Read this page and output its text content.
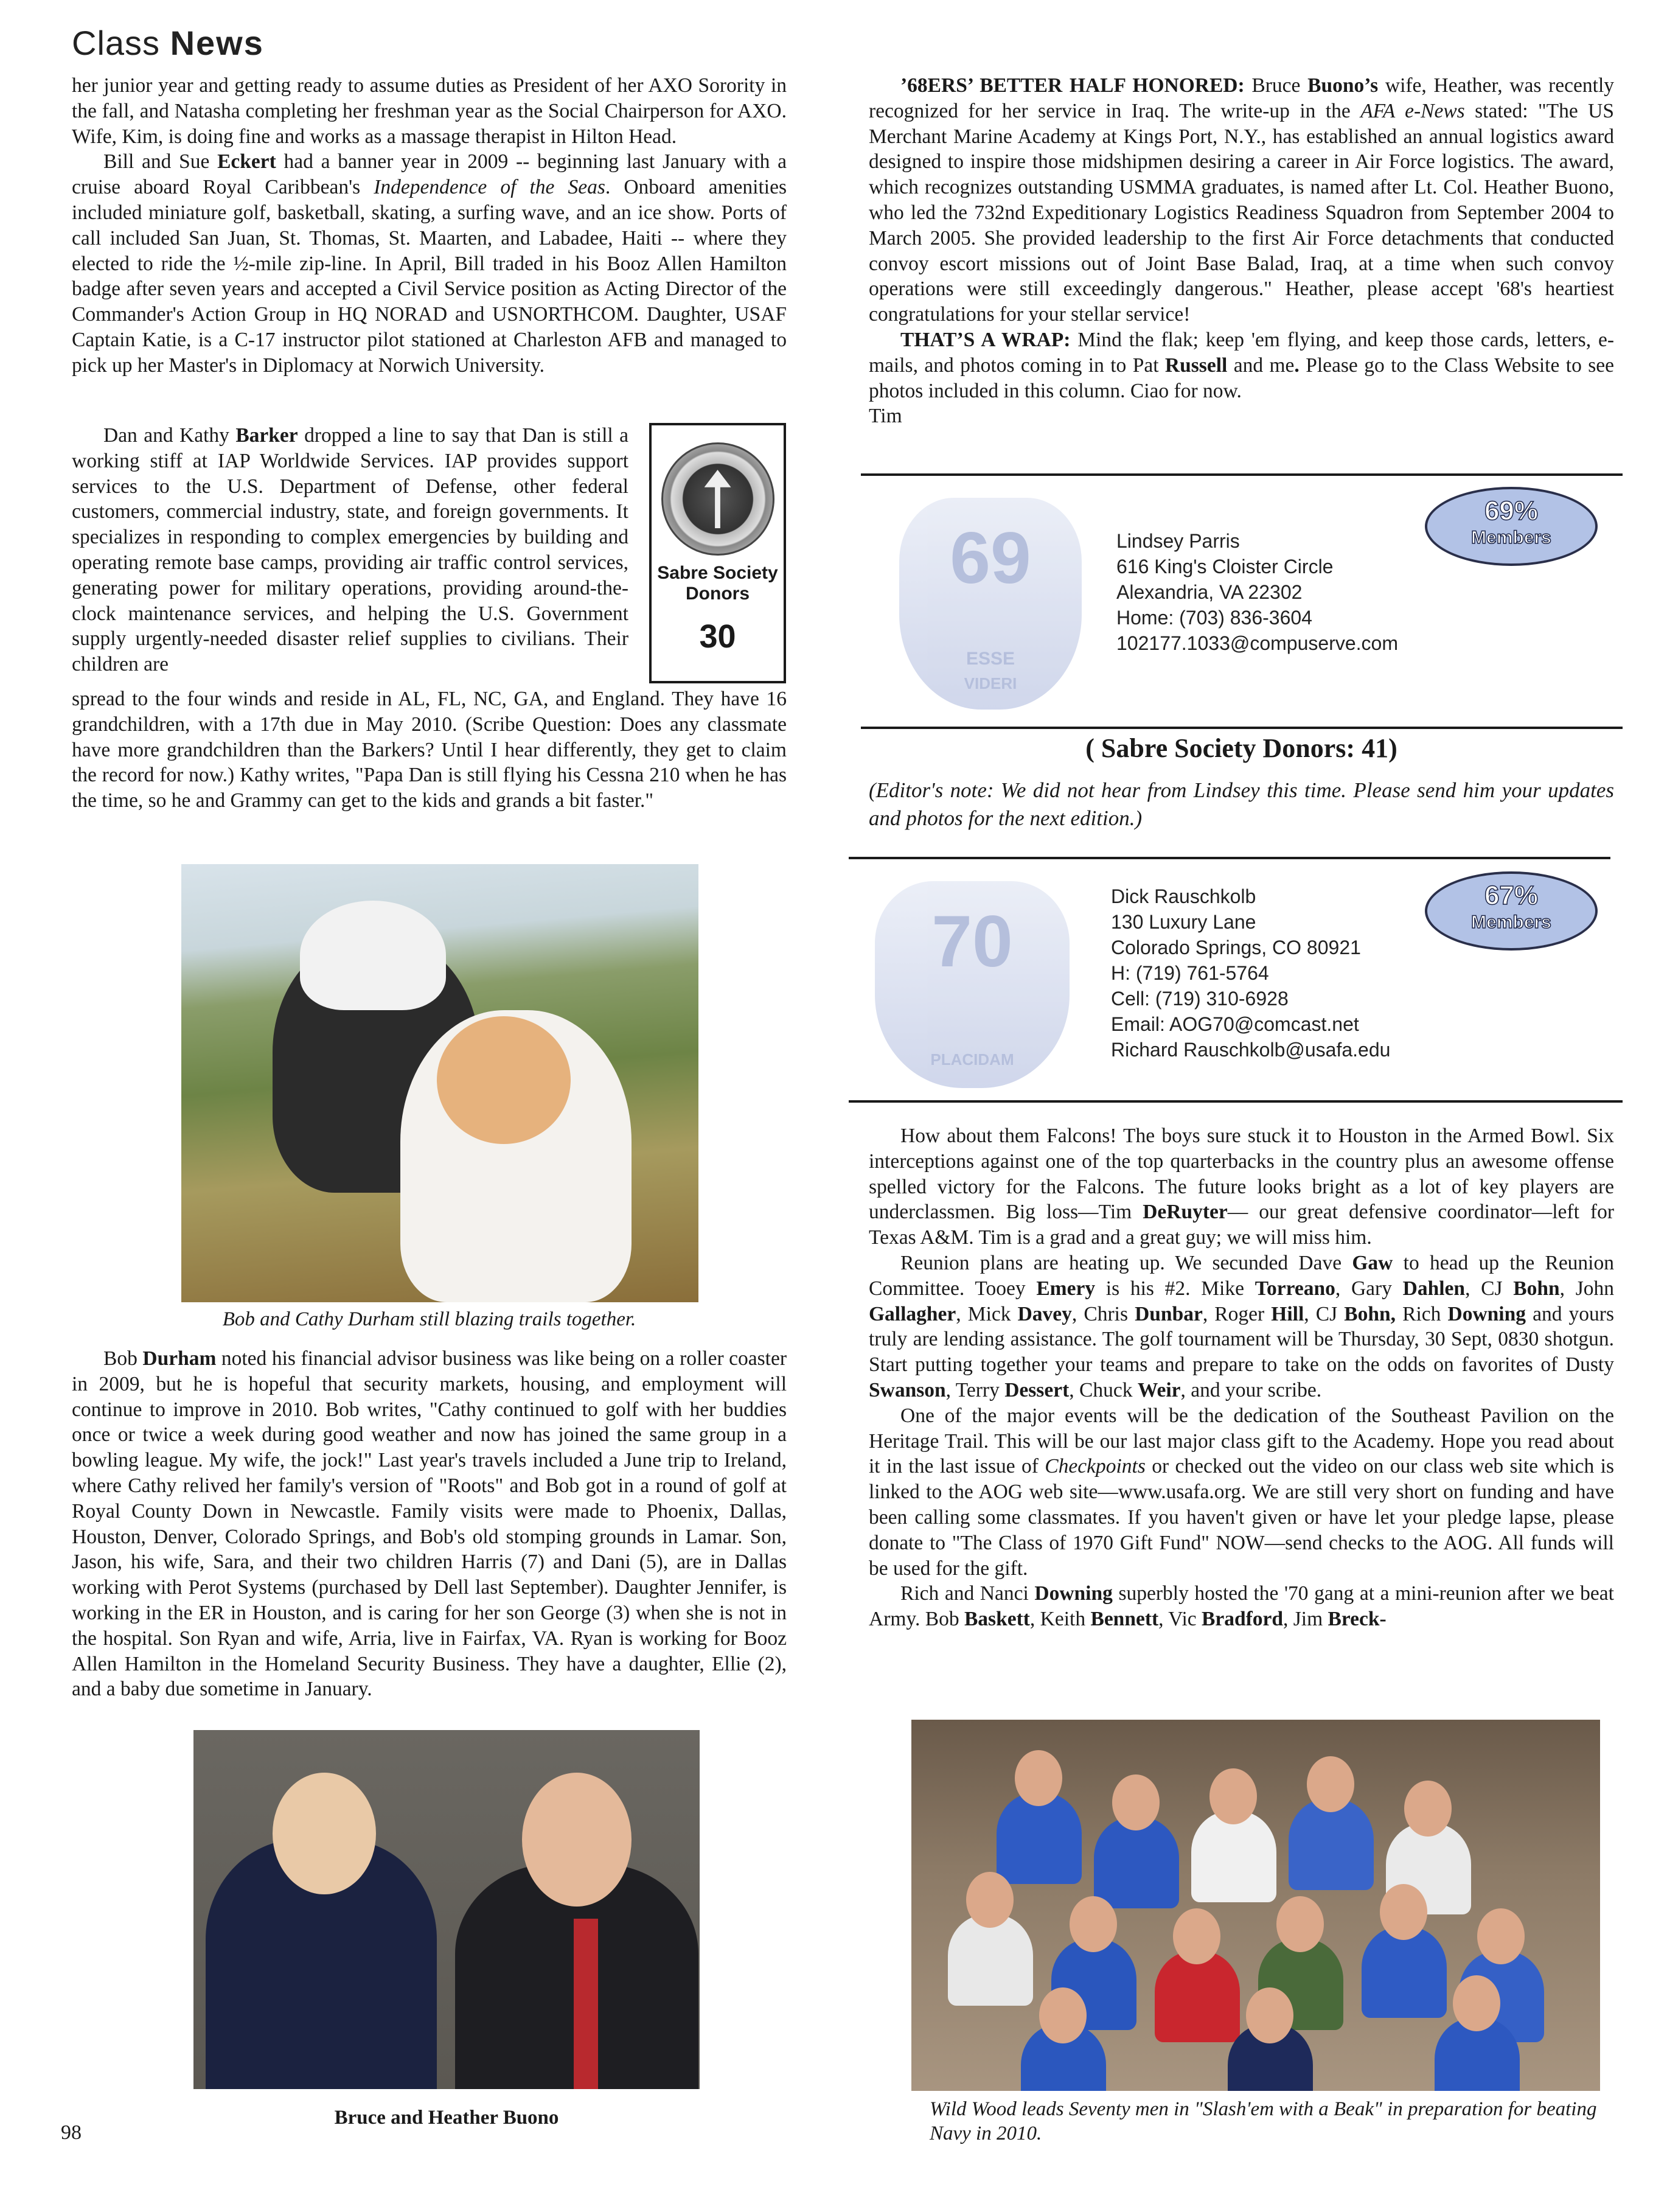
Class News

her junior year and getting ready to assume duties as President of her AXO Sorority in the fall, and Natasha completing her freshman year as the Social Chairperson for AXO. Wife, Kim, is doing fine and works as a massage therapist in Hilton Head.

Bill and Sue Eckert had a banner year in 2009 -- beginning last January with a cruise aboard Royal Caribbean's Independence of the Seas. Onboard amenities included miniature golf, basketball, skating, a surfing wave, and an ice show. Ports of call included San Juan, St. Thomas, St. Maarten, and Labadee, Haiti -- where they elected to ride the ½-mile zip-line. In April, Bill traded in his Booz Allen Hamilton badge after seven years and accepted a Civil Service position as Acting Director of the Commander's Action Group in HQ NORAD and USNORTHCOM. Daughter, USAF Captain Katie, is a C-17 instructor pilot stationed at Charleston AFB and managed to pick up her Master's in Diplomacy at Norwich University.

Dan and Kathy Barker dropped a line to say that Dan is still a working stiff at IAP Worldwide Services. IAP provides support services to the U.S. Department of Defense, other federal customers, commercial industry, state, and foreign governments. It specializes in responding to complex emergencies by building and operating remote base camps, providing air traffic control services, generating power for military operations, providing around-the-clock maintenance services, and helping the U.S. Government supply urgently-needed disaster relief supplies to civilians. Their children are

Sabre Society
Donors
30

spread to the four winds and reside in AL, FL, NC, GA, and England. They have 16 grandchildren, with a 17th due in May 2010. (Scribe Question: Does any classmate have more grandchildren than the Barkers? Until I hear differently, they get to claim the record for now.) Kathy writes, "Papa Dan is still flying his Cessna 210 when he has the time, so he and Grammy can get to the kids and grands a bit faster."

Bob and Cathy Durham still blazing trails together.

Bob Durham noted his financial advisor business was like being on a roller coaster in 2009, but he is hopeful that security markets, housing, and employment will continue to improve in 2010. Bob writes, "Cathy continued to golf with her buddies once or twice a week during good weather and now has joined the same group in a bowling league. My wife, the jock!" Last year's travels included a June trip to Ireland, where Cathy relived her family's version of "Roots" and Bob got in a round of golf at Royal County Down in Newcastle. Family visits were made to Phoenix, Dallas, Houston, Denver, Colorado Springs, and Bob's old stomping grounds in Lamar. Son, Jason, his wife, Sara, and their two children Harris (7) and Dani (5), are in Dallas working with Perot Systems (purchased by Dell last September). Daughter Jennifer, is working in the ER in Houston, and is caring for her son George (3) when she is not in the hospital. Son Ryan and wife, Arria, live in Fairfax, VA. Ryan is working for Booz Allen Hamilton in the Homeland Security Business. They have a daughter, Ellie (2), and a baby due sometime in January.

Bruce and Heather Buono
98

’68ERS’ BETTER HALF HONORED: Bruce Buono’s wife, Heather, was recently recognized for her service in Iraq. The write-up in the AFA e-News stated: "The US Merchant Marine Academy at Kings Port, N.Y., has established an annual logistics award designed to inspire those midshipmen desiring a career in Air Force logistics. The award, which recognizes outstanding USMMA graduates, is named after Lt. Col. Heather Buono, who led the 732nd Expeditionary Logistics Readiness Squadron from September 2004 to March 2005. She provided leadership to the first Air Force detachments that conducted convoy escort missions out of Joint Base Balad, Iraq, at a time when such convoy operations were still exceedingly dangerous." Heather, please accept '68's heartiest congratulations for your stellar service!

THAT’S A WRAP: Mind the flak; keep 'em flying, and keep those cards, letters, e-mails, and photos coming in to Pat Russell and me. Please go to the Class Website to see photos included in this column. Ciao for now.

Tim

69
ESSE
VIDERI
Lindsey Parris
616 King's Cloister Circle
Alexandria, VA 22302
Home: (703) 836-3604
102177.1033@compuserve.com
69%
Members
( Sabre Society Donors: 41)
(Editor's note: We did not hear from Lindsey this time. Please send him your updates and photos for the next edition.)
70
PLACIDAM
Dick Rauschkolb
130 Luxury Lane
Colorado Springs, CO 80921
H: (719) 761-5764
Cell: (719) 310-6928
Email: AOG70@comcast.net
Richard Rauschkolb@usafa.edu
67%
Members

How about them Falcons! The boys sure stuck it to Houston in the Armed Bowl. Six interceptions against one of the top quarterbacks in the country plus an awesome offense spelled victory for the Falcons. The future looks bright as a lot of key players are underclassmen. Big loss—Tim DeRuyter— our great defensive coordinator—left for Texas A&M. Tim is a grad and a great guy; we will miss him.

Reunion plans are heating up. We secunded Dave Gaw to head up the Reunion Committee. Tooey Emery is his #2. Mike Torreano, Gary Dahlen, CJ Bohn, John Gallagher, Mick Davey, Chris Dunbar, Roger Hill, CJ Bohn, Rich Downing and yours truly are lending assistance. The golf tournament will be Thursday, 30 Sept, 0830 shotgun. Start putting together your teams and prepare to take on the odds on favorites of Dusty Swanson, Terry Dessert, Chuck Weir, and your scribe.

One of the major events will be the dedication of the Southeast Pavilion on the Heritage Trail. This will be our last major class gift to the Academy. Hope you read about it in the last issue of Checkpoints or checked out the video on our class web site which is linked to the AOG web site—www.usafa.org. We are still very short on funding and have been calling some classmates. If you haven't given or have let your pledge lapse, please donate to "The Class of 1970 Gift Fund" NOW—send checks to the AOG. All funds will be used for the gift.

Rich and Nanci Downing superbly hosted the '70 gang at a mini-reunion after we beat Army. Bob Baskett, Keith Bennett, Vic Bradford, Jim Breck-

Wild Wood leads Seventy men in "Slash'em with a Beak" in preparation for beating Navy in 2010.
